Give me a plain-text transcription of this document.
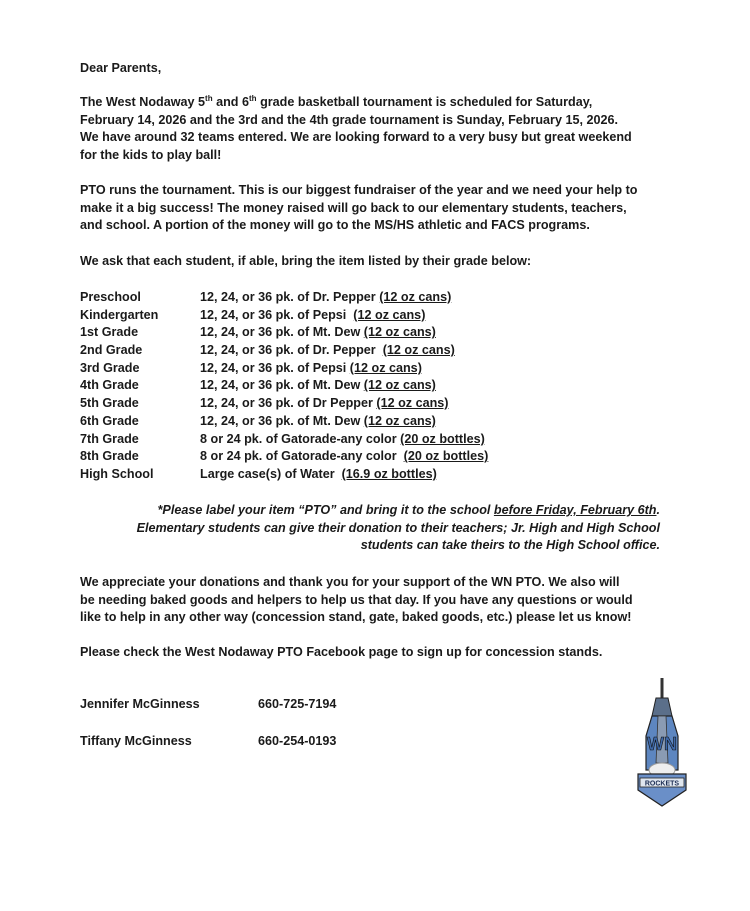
Dear Parents,

The West Nodaway 5th and 6th grade basketball tournament is scheduled for Saturday,

February 14, 2026 and the 3rd and the 4th grade tournament is Sunday, February 15, 2026.

We have around 32 teams entered. We are looking forward to a very busy but great weekend

for the kids to play ball!

PTO runs the tournament. This is our biggest fundraiser of the year and we need your help to

make it a big success! The money raised will go back to our elementary students, teachers,

and school. A portion of the money will go to the MS/HS athletic and FACS programs.

We ask that each student, if able, bring the item listed by their grade below:
Preschool	12, 24, or 36 pk. of Dr. Pepper (12 oz cans)
Kindergarten	12, 24, or 36 pk. of Pepsi  (12 oz cans)
1st Grade	12, 24, or 36 pk. of Mt. Dew (12 oz cans)
2nd Grade	12, 24, or 36 pk. of Dr. Pepper  (12 oz cans)
3rd Grade	12, 24, or 36 pk. of Pepsi (12 oz cans)
4th Grade	12, 24, or 36 pk. of Mt. Dew (12 oz cans)
5th Grade	12, 24, or 36 pk. of Dr Pepper (12 oz cans)
6th Grade	12, 24, or 36 pk. of Mt. Dew (12 oz cans)
7th Grade	8 or 24 pk. of Gatorade-any color (20 oz bottles)
8th Grade	8 or 24 pk. of Gatorade-any color  (20 oz bottles)
High School	Large case(s) of Water  (16.9 oz bottles)

*Please label your item “PTO” and bring it to the school before Friday, February 6th.

Elementary students can give their donation to their teachers; Jr. High and High School

students can take theirs to the High School office.

We appreciate your donations and thank you for your support of the WN PTO. We also will

be needing baked goods and helpers to help us that day. If you have any questions or would

like to help in any other way (concession stand, gate, baked goods, etc.) please let us know!

Please check the West Nodaway PTO Facebook page to sign up for concession stands.
Jennifer McGinness	660-725-7194
Tiffany McGinness	660-254-0193	WN
ROCKETS
